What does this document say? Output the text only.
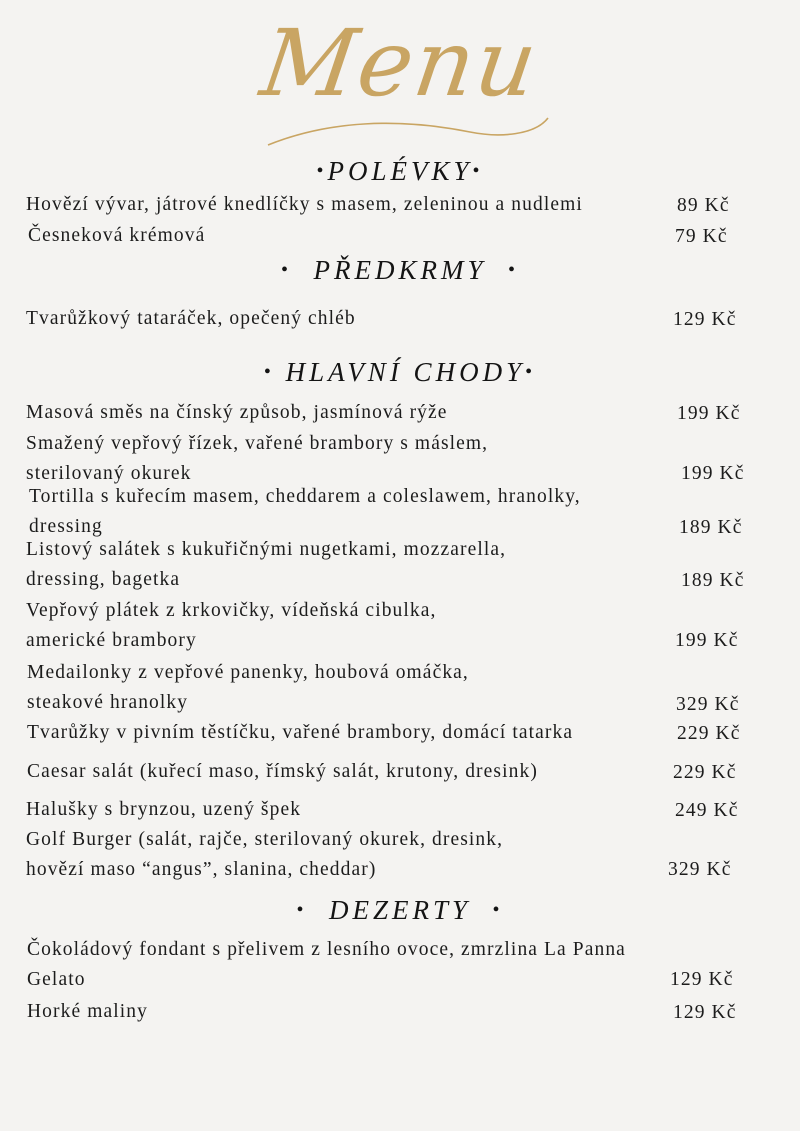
Menu
•POLÉVKY•
• PŘEDKRMY •
• HLAVNÍ CHODY•
• DEZERTY •
Hovězí vývar, játrové knedlíčky s masem, zeleninou a nudlemi	89 Kč
Česneková krémová	79 Kč
Tvarůžkový tataráček, opečený chléb	129 Kč
Masová směs na čínský způsob, jasmínová rýže	199 Kč
Smažený vepřový řízek, vařené brambory s máslem,
sterilovaný okurek	199 Kč
Tortilla s kuřecím masem, cheddarem a coleslawem, hranolky,
dressing	189 Kč
Listový salátek s kukuřičnými nugetkami, mozzarella,
dressing, bagetka	189 Kč
Vepřový plátek z krkovičky, vídeňská cibulka,
americké brambory	199 Kč
Medailonky z vepřové panenky, houbová omáčka,
steakové hranolky	329 Kč
Tvarůžky v pivním těstíčku, vařené brambory, domácí tatarka	229 Kč
Caesar salát (kuřecí maso, římský salát, krutony, dresink)	229 Kč
Halušky s brynzou, uzený špek	249 Kč
Golf Burger (salát, rajče, sterilovaný okurek, dresink,
hovězí maso “angus”, slanina, cheddar)	329 Kč
Čokoládový fondant s přelivem z lesního ovoce, zmrzlina La Panna
Gelato	129 Kč
Horké maliny	129 Kč
